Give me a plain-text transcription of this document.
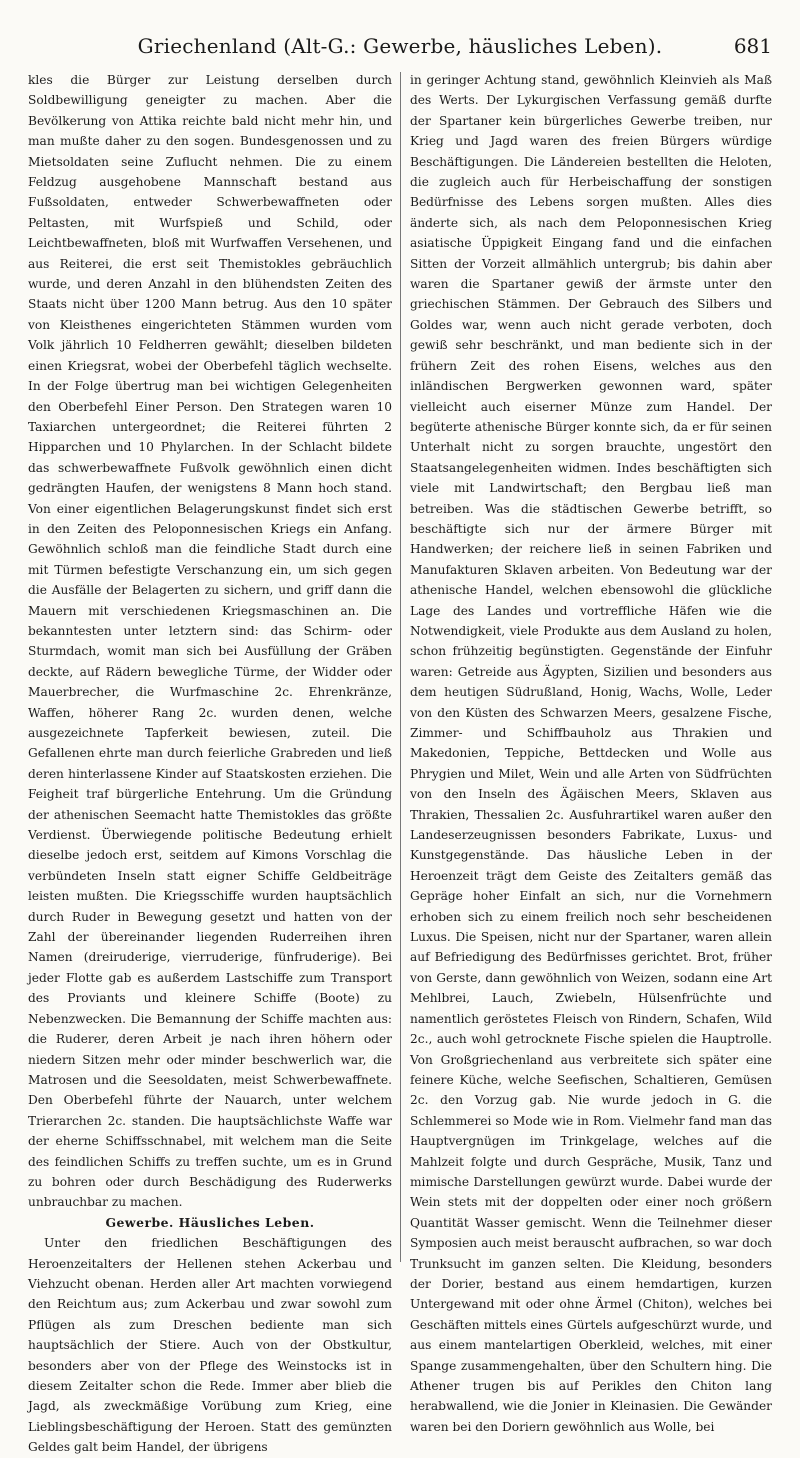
Griechenland (Alt-G.: Gewerbe, häusliches Leben).	681

kles die Bürger zur Leistung derselben durch Soldbewilligung geneigter zu machen. Aber die Bevölkerung von Attika reichte bald nicht mehr hin, und man mußte daher zu den sogen. Bundesgenossen und zu Mietsoldaten seine Zuflucht nehmen. Die zu einem Feldzug ausgehobene Mannschaft bestand aus Fußsoldaten, entweder Schwerbewaffneten oder Peltasten, mit Wurfspieß und Schild, oder Leichtbewaffneten, bloß mit Wurfwaffen Versehenen, und aus Reiterei, die erst seit Themistokles gebräuchlich wurde, und deren Anzahl in den blühendsten Zeiten des Staats nicht über 1200 Mann betrug. Aus den 10 später von Kleisthenes eingerichteten Stämmen wurden vom Volk jährlich 10 Feldherren gewählt; dieselben bildeten einen Kriegsrat, wobei der Oberbefehl täglich wechselte. In der Folge übertrug man bei wichtigen Gelegenheiten den Oberbefehl Einer Person. Den Strategen waren 10 Taxiarchen untergeordnet; die Reiterei führten 2 Hipparchen und 10 Phylarchen. In der Schlacht bildete das schwerbewaffnete Fußvolk gewöhnlich einen dicht gedrängten Haufen, der wenigstens 8 Mann hoch stand. Von einer eigentlichen Belagerungskunst findet sich erst in den Zeiten des Peloponnesischen Kriegs ein Anfang. Gewöhnlich schloß man die feindliche Stadt durch eine mit Türmen befestigte Verschanzung ein, um sich gegen die Ausfälle der Belagerten zu sichern, und griff dann die Mauern mit verschiedenen Kriegsmaschinen an. Die bekanntesten unter letztern sind: das Schirm- oder Sturmdach, womit man sich bei Ausfüllung der Gräben deckte, auf Rädern bewegliche Türme, der Widder oder Mauerbrecher, die Wurfmaschine 2c. Ehrenkränze, Waffen, höherer Rang 2c. wurden denen, welche ausgezeichnete Tapferkeit bewiesen, zuteil. Die Gefallenen ehrte man durch feierliche Grabreden und ließ deren hinterlassene Kinder auf Staatskosten erziehen. Die Feigheit traf bürgerliche Entehrung. Um die Gründung der athenischen Seemacht hatte Themistokles das größte Verdienst. Überwiegende politische Bedeutung erhielt dieselbe jedoch erst, seitdem auf Kimons Vorschlag die verbündeten Inseln statt eigner Schiffe Geldbeiträge leisten mußten. Die Kriegsschiffe wurden hauptsächlich durch Ruder in Bewegung gesetzt und hatten von der Zahl der übereinander liegenden Ruderreihen ihren Namen (dreiruderige, vierruderige, fünfruderige). Bei jeder Flotte gab es außerdem Lastschiffe zum Transport des Proviants und kleinere Schiffe (Boote) zu Nebenzwecken. Die Bemannung der Schiffe machten aus: die Ruderer, deren Arbeit je nach ihren höhern oder niedern Sitzen mehr oder minder beschwerlich war, die Matrosen und die Seesoldaten, meist Schwerbewaffnete. Den Oberbefehl führte der Nauarch, unter welchem Trierarchen 2c. standen. Die hauptsächlichste Waffe war der eherne Schiffsschnabel, mit welchem man die Seite des feindlichen Schiffs zu treffen suchte, um es in Grund zu bohren oder durch Beschädigung des Ruderwerks unbrauchbar zu machen.

Gewerbe. Häusliches Leben.

Unter den friedlichen Beschäftigungen des Heroenzeitalters der Hellenen stehen Ackerbau und Viehzucht obenan. Herden aller Art machten vorwiegend den Reichtum aus; zum Ackerbau und zwar sowohl zum Pflügen als zum Dreschen bediente man sich hauptsächlich der Stiere. Auch von der Obstkultur, besonders aber von der Pflege des Weinstocks ist in diesem Zeitalter schon die Rede. Immer aber blieb die Jagd, als zweckmäßige Vorübung zum Krieg, eine Lieblingsbeschäftigung der Heroen. Statt des gemünzten Geldes galt beim Handel, der übrigens

in geringer Achtung stand, gewöhnlich Kleinvieh als Maß des Werts. Der Lykurgischen Verfassung gemäß durfte der Spartaner kein bürgerliches Gewerbe treiben, nur Krieg und Jagd waren des freien Bürgers würdige Beschäftigungen. Die Ländereien bestellten die Heloten, die zugleich auch für Herbeischaffung der sonstigen Bedürfnisse des Lebens sorgen mußten. Alles dies änderte sich, als nach dem Peloponnesischen Krieg asiatische Üppigkeit Eingang fand und die einfachen Sitten der Vorzeit allmählich untergrub; bis dahin aber waren die Spartaner gewiß der ärmste unter den griechischen Stämmen. Der Gebrauch des Silbers und Goldes war, wenn auch nicht gerade verboten, doch gewiß sehr beschränkt, und man bediente sich in der frühern Zeit des rohen Eisens, welches aus den inländischen Bergwerken gewonnen ward, später vielleicht auch eiserner Münze zum Handel. Der begüterte athenische Bürger konnte sich, da er für seinen Unterhalt nicht zu sorgen brauchte, ungestört den Staatsangelegenheiten widmen. Indes beschäftigten sich viele mit Landwirtschaft; den Bergbau ließ man betreiben. Was die städtischen Gewerbe betrifft, so beschäftigte sich nur der ärmere Bürger mit Handwerken; der reichere ließ in seinen Fabriken und Manufakturen Sklaven arbeiten. Von Bedeutung war der athenische Handel, welchen ebensowohl die glückliche Lage des Landes und vortreffliche Häfen wie die Notwendigkeit, viele Produkte aus dem Ausland zu holen, schon frühzeitig begünstigten. Gegenstände der Einfuhr waren: Getreide aus Ägypten, Sizilien und besonders aus dem heutigen Südrußland, Honig, Wachs, Wolle, Leder von den Küsten des Schwarzen Meers, gesalzene Fische, Zimmer- und Schiffbauholz aus Thrakien und Makedonien, Teppiche, Bettdecken und Wolle aus Phrygien und Milet, Wein und alle Arten von Südfrüchten von den Inseln des Ägäischen Meers, Sklaven aus Thrakien, Thessalien 2c. Ausfuhrartikel waren außer den Landeserzeugnissen besonders Fabrikate, Luxus- und Kunstgegenstände. Das häusliche Leben in der Heroenzeit trägt dem Geiste des Zeitalters gemäß das Gepräge hoher Einfalt an sich, nur die Vornehmern erhoben sich zu einem freilich noch sehr bescheidenen Luxus. Die Speisen, nicht nur der Spartaner, waren allein auf Befriedigung des Bedürfnisses gerichtet. Brot, früher von Gerste, dann gewöhnlich von Weizen, sodann eine Art Mehlbrei, Lauch, Zwiebeln, Hülsenfrüchte und namentlich geröstetes Fleisch von Rindern, Schafen, Wild 2c., auch wohl getrocknete Fische spielen die Hauptrolle. Von Großgriechenland aus verbreitete sich später eine feinere Küche, welche Seefischen, Schaltieren, Gemüsen 2c. den Vorzug gab. Nie wurde jedoch in G. die Schlemmerei so Mode wie in Rom. Vielmehr fand man das Hauptvergnügen im Trinkgelage, welches auf die Mahlzeit folgte und durch Gespräche, Musik, Tanz und mimische Darstellungen gewürzt wurde. Dabei wurde der Wein stets mit der doppelten oder einer noch größern Quantität Wasser gemischt. Wenn die Teilnehmer dieser Symposien auch meist berauscht aufbrachen, so war doch Trunksucht im ganzen selten. Die Kleidung, besonders der Dorier, bestand aus einem hemdartigen, kurzen Untergewand mit oder ohne Ärmel (Chiton), welches bei Geschäften mittels eines Gürtels aufgeschürzt wurde, und aus einem mantelartigen Oberkleid, welches, mit einer Spange zusammengehalten, über den Schultern hing. Die Athener trugen bis auf Perikles den Chiton lang herabwallend, wie die Jonier in Kleinasien. Die Gewänder waren bei den Doriern gewöhnlich aus Wolle, bei
